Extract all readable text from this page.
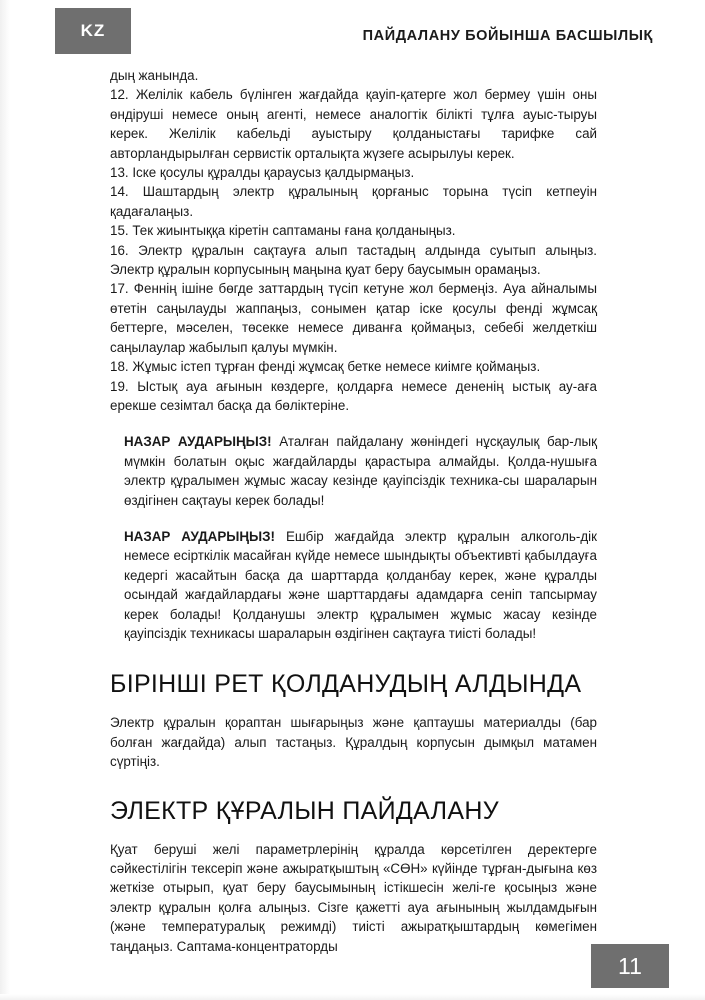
KZ	ПАЙДАЛАНУ БОЙЫНША БАСШЫЛЫҚ

дың жанында.

12. Желілік кабель бүлінген жағдайда қауіп-қатерге жол бермеу үшін оны өндіруші немесе оның агенті, немесе аналогтік білікті тұлға ауыс-тыруы керек. Желілік кабельді ауыстыру қолданыстағы тарифке сай авторландырылған сервистік орталықта жүзеге асырылуы керек.

13. Іске қосулы құралды қараусыз қалдырмаңыз.

14. Шаштардың электр құралының қорғаныс торына түсіп кетпеуін қадағалаңыз.

15. Тек жиынтыққа кіретін саптаманы ғана қолданыңыз.

16. Электр құралын сақтауға алып тастадың алдында суытып алыңыз. Электр құралын корпусының маңына қуат беру баусымын орамаңыз.

17. Феннің ішіне бөгде заттардың түсіп кетуне жол бермеңіз. Ауа айналымы өтетін саңылауды жаппаңыз, сонымен қатар іске қосулы фенді жұмсақ беттерге, мәселен, төсекке немесе диванға қоймаңыз, себебі желдеткіш саңылаулар жабылып қалуы мүмкін.

18. Жұмыс істеп тұрған фенді жұмсақ бетке немесе киімге қоймаңыз.

19. Ыстық ауа ағынын көздерге, қолдарға немесе дененің ыстық ау-аға ерекше сезімтал басқа да бөліктеріне.

НАЗАР АУДАРЫҢЫЗ! Аталған пайдалану жөніндегі нұсқаулық бар-лық мүмкін болатын оқыс жағдайларды қарастыра алмайды. Қолда-нушыға электр құралымен жұмыс жасау кезінде қауіпсіздік техника-сы шараларын өздігінен сақтауы керек болады!
НАЗАР АУДАРЫҢЫЗ! Ешбір жағдайда электр құралын алкоголь-дік немесе есірткілік масайған күйде немесе шындықты объективті қабылдауға кедергі жасайтын басқа да шарттарда қолданбау керек, және құралды осындай жағдайлардағы және шарттардағы адамдарға сеніп тапсырмау керек болады! Қолданушы электр құралымен жұмыс жасау кезінде қауіпсіздік техникасы шараларын өздігінен сақтауға тиісті болады!
БІРІНШІ РЕТ ҚОЛДАНУДЫҢ АЛДЫНДА

Электр құралын қораптан шығарыңыз және қаптаушы материалды (бар болған жағдайда) алып тастаңыз. Құралдың корпусын дымқыл матамен сүртіңіз.

ЭЛЕКТР ҚҰРАЛЫН ПАЙДАЛАНУ

Қуат беруші желі параметрлерінің құралда көрсетілген деректерге сәйкестілігін тексеріп және ажыратқыштың «СӨН» күйінде тұрған-дығына көз жеткізе отырып, қуат беру баусымының істікшесін желі-ге қосыңыз және электр құралын қолға алыңыз. Сізге қажетті ауа ағынының жылдамдығын (және температуралық режимді) тиісті ажыратқыштардың көмегімен таңдаңыз. Саптама-концентраторды

11
